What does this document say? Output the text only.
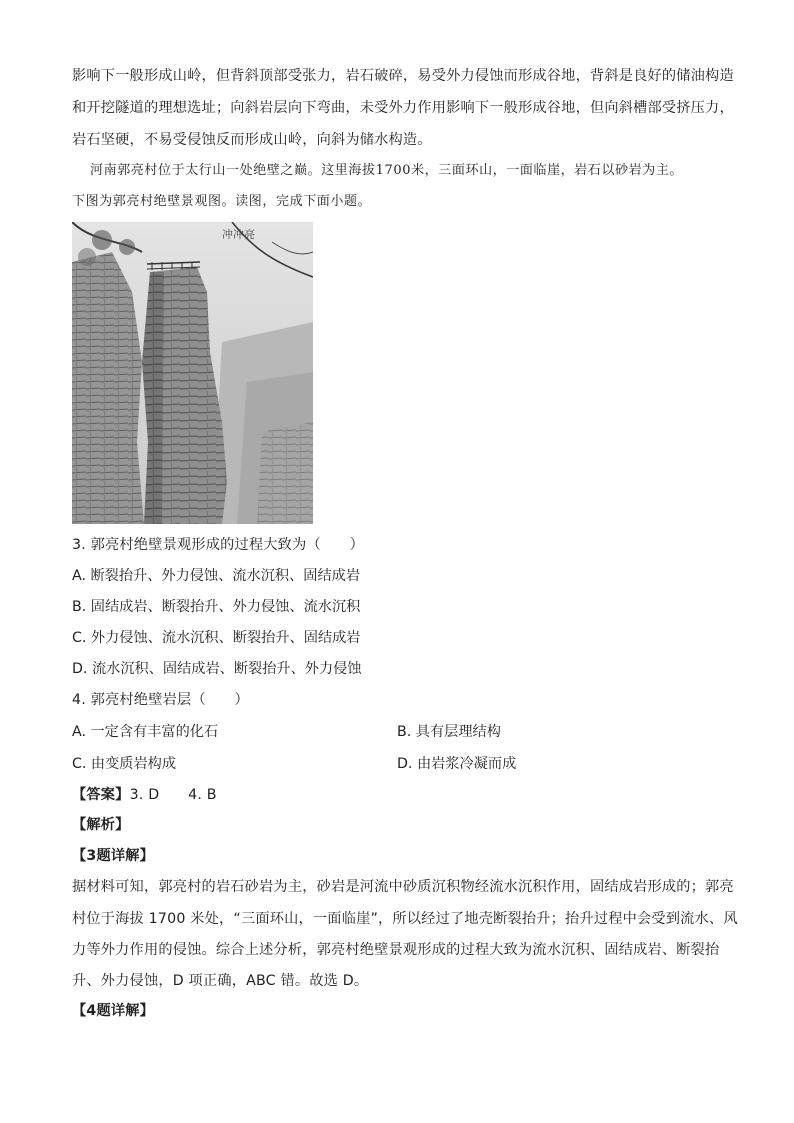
影响下一般形成山岭，但背斜顶部受张力，岩石破碎，易受外力侵蚀而形成谷地，背斜是良好的储油构造
和开挖隧道的理想选址；向斜岩层向下弯曲，未受外力作用影响下一般形成谷地，但向斜槽部受挤压力，
岩石坚硬，不易受侵蚀反而形成山岭，向斜为储水构造。
河南郭亮村位于太行山一处绝壁之巅。这里海拔1700米，三面环山，一面临崖，岩石以砂岩为主。
下图为郭亮村绝壁景观图。读图，完成下面小题。
冲冲亮
3. 郭亮村绝壁景观形成的过程大致为（　　）
A. 断裂抬升、外力侵蚀、流水沉积、固结成岩
B. 固结成岩、断裂抬升、外力侵蚀、流水沉积
C. 外力侵蚀、流水沉积、断裂抬升、固结成岩
D. 流水沉积、固结成岩、断裂抬升、外力侵蚀
4. 郭亮村绝壁岩层（　　）
A. 一定含有丰富的化石	B. 具有层理结构
C. 由变质岩构成	D. 由岩浆冷凝而成
【答案】3. D　　4. B
【解析】
【3题详解】
据材料可知，郭亮村的岩石砂岩为主，砂岩是河流中砂质沉积物经流水沉积作用，固结成岩形成的；郭亮
村位于海拔 1700 米处，“三面环山，一面临崖”，所以经过了地壳断裂抬升；抬升过程中会受到流水、风
力等外力作用的侵蚀。综合上述分析，郭亮村绝壁景观形成的过程大致为流水沉积、固结成岩、断裂抬
升、外力侵蚀，D 项正确，ABC 错。故选 D。
【4题详解】
